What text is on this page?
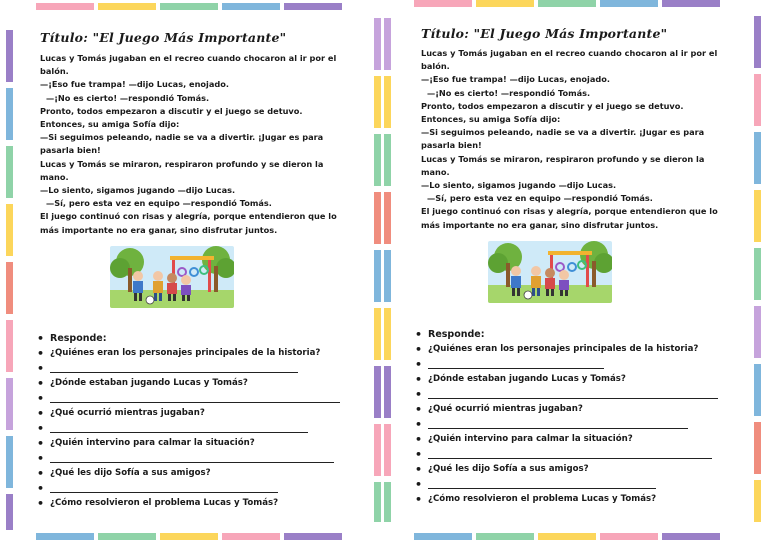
Título: "El Juego Más Importante"

Lucas y Tomás jugaban en el recreo cuando chocaron al ir por el balón.

—¡Eso fue trampa! —dijo Lucas, enojado.

—¡No es cierto! —respondió Tomás.

Pronto, todos empezaron a discutir y el juego se detuvo. Entonces, su amiga Sofía dijo:

—Si seguimos peleando, nadie se va a divertir. ¡Jugar es para pasarla bien!

Lucas y Tomás se miraron, respiraron profundo y se dieron la mano.

—Lo siento, sigamos jugando —dijo Lucas.

—Sí, pero esta vez en equipo —respondió Tomás.

El juego continuó con risas y alegría, porque entendieron que lo más importante no era ganar, sino disfrutar juntos.

• Responde:
• ¿Quiénes eran los personajes principales de la historia?
•
• ¿Dónde estaban jugando Lucas y Tomás?
•
• ¿Qué ocurrió mientras jugaban?
•
• ¿Quién intervino para calmar la situación?
•
• ¿Qué les dijo Sofía a sus amigos?
•
• ¿Cómo resolvieron el problema Lucas y Tomás?
Título: "El Juego Más Importante"

Lucas y Tomás jugaban en el recreo cuando chocaron al ir por el balón.

—¡Eso fue trampa! —dijo Lucas, enojado.

—¡No es cierto! —respondió Tomás.

Pronto, todos empezaron a discutir y el juego se detuvo. Entonces, su amiga Sofía dijo:

—Si seguimos peleando, nadie se va a divertir. ¡Jugar es para pasarla bien!

Lucas y Tomás se miraron, respiraron profundo y se dieron la mano.

—Lo siento, sigamos jugando —dijo Lucas.

—Sí, pero esta vez en equipo —respondió Tomás.

El juego continuó con risas y alegría, porque entendieron que lo más importante no era ganar, sino disfrutar juntos.

• Responde:
• ¿Quiénes eran los personajes principales de la historia?
•
• ¿Dónde estaban jugando Lucas y Tomás?
•
• ¿Qué ocurrió mientras jugaban?
•
• ¿Quién intervino para calmar la situación?
•
• ¿Qué les dijo Sofía a sus amigos?
•
• ¿Cómo resolvieron el problema Lucas y Tomás?
